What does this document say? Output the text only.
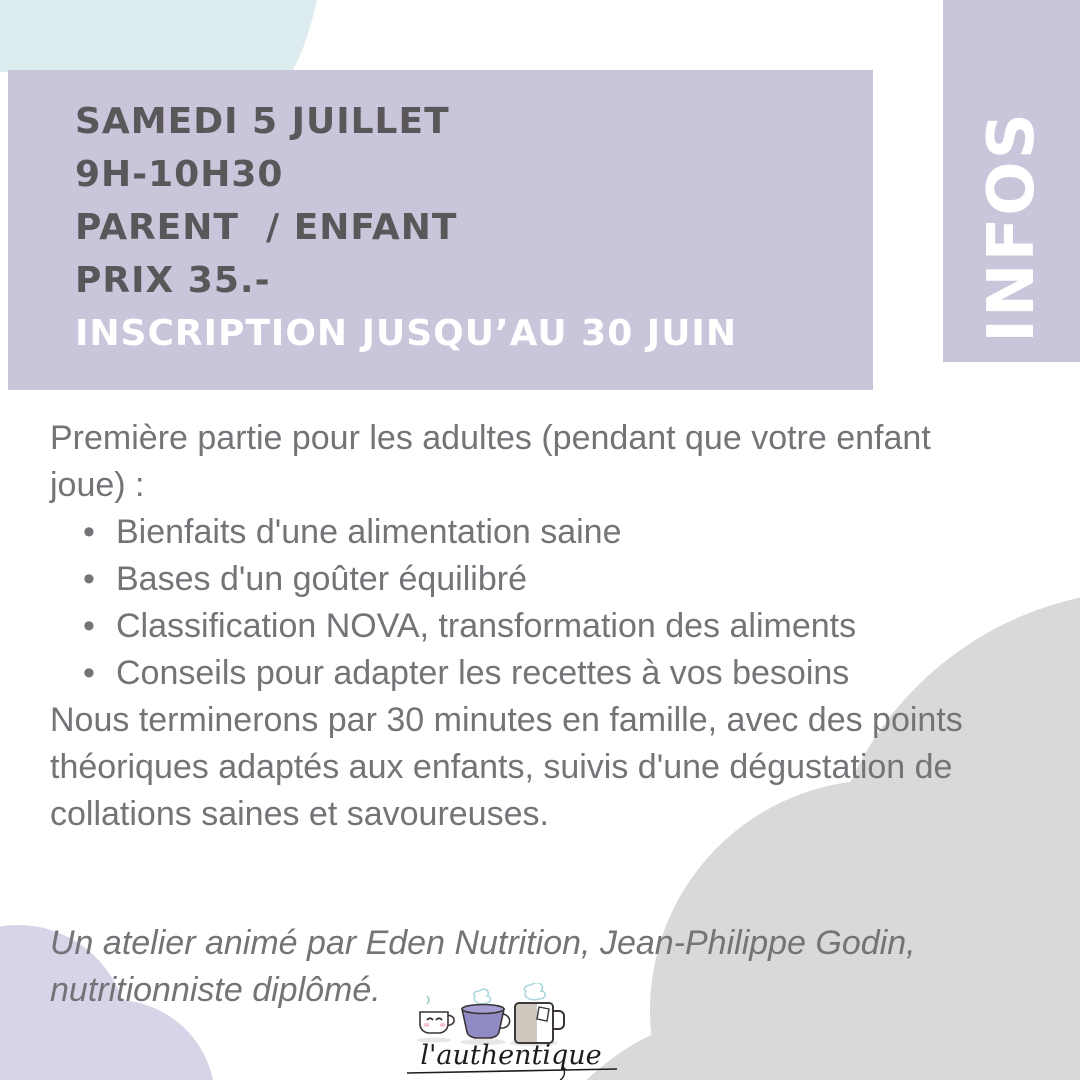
SAMEDI 5 JUILLET
9H-10H30
PARENT  / ENFANT
PRIX 35.-
INSCRIPTION JUSQU’AU 30 JUIN	INFOS

Première partie pour les adultes (pendant que votre enfant joue) :

• Bienfaits d'une alimentation saine
• Bases d'un goûter équilibré
• Classification NOVA, transformation des aliments
• Conseils pour adapter les recettes à vos besoins

Nous terminerons par 30 minutes en famille, avec des points théoriques adaptés aux enfants, suivis d'une dégustation de collations saines et savoureuses.

Un atelier animé par Eden Nutrition, Jean-Philippe Godin, nutritionniste diplômé.

l'authentique
